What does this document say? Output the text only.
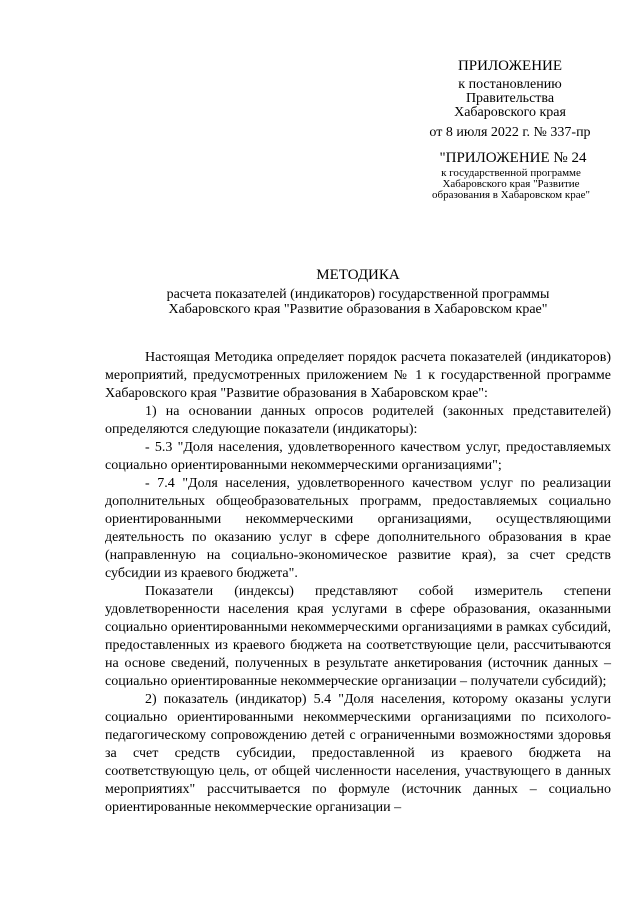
ПРИЛОЖЕНИЕ
к постановлению
Правительства
Хабаровского края
от 8 июля 2022 г. № 337-пр
"ПРИЛОЖЕНИЕ № 24
к государственной программе
Хабаровского края "Развитие
образования в Хабаровском крае"
МЕТОДИКА
расчета показателей (индикаторов) государственной программы
Хабаровского края "Развитие образования в Хабаровском крае"

Настоящая Методика определяет порядок расчета показателей (индикаторов) мероприятий, предусмотренных приложением № 1 к государственной программе Хабаровского края "Развитие образования в Хабаровском крае":

1) на основании данных опросов родителей (законных представителей) определяются следующие показатели (индикаторы):

- 5.3 "Доля населения, удовлетворенного качеством услуг, предоставляемых социально ориентированными некоммерческими организациями";

- 7.4 "Доля населения, удовлетворенного качеством услуг по реализации дополнительных общеобразовательных программ, предоставляемых социально ориентированными некоммерческими организациями, осуществляющими деятельность по оказанию услуг в сфере дополнительного образования в крае (направленную на социально-экономическое развитие края), за счет средств субсидии из краевого бюджета".

Показатели (индексы) представляют собой измеритель степени удовлетворенности населения края услугами в сфере образования, оказанными социально ориентированными некоммерческими организациями в рамках субсидий, предоставленных из краевого бюджета на соответствующие цели, рассчитываются на основе сведений, полученных в результате анкетирования (источник данных – социально ориентированные некоммерческие организации – получатели субсидий);

2) показатель (индикатор) 5.4 "Доля населения, которому оказаны услуги социально ориентированными некоммерческими организациями по психолого-педагогическому сопровождению детей с ограниченными возможностями здоровья за счет средств субсидии, предоставленной из краевого бюджета на соответствующую цель, от общей численности населения, участвующего в данных мероприятиях" рассчитывается по формуле (источник данных – социально ориентированные некоммерческие организации –
